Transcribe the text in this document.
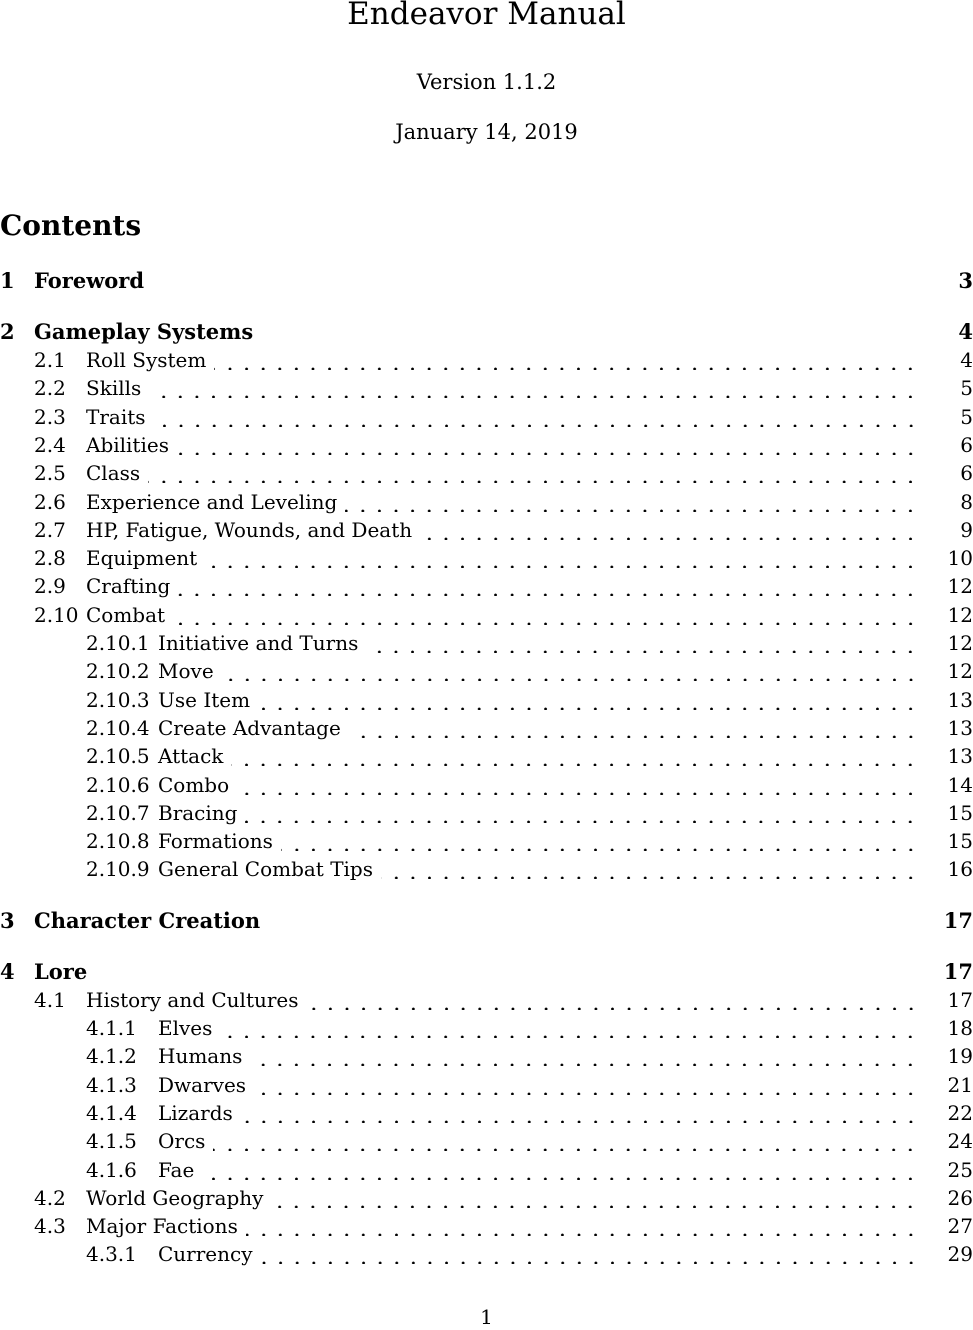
Endeavor Manual

Version 1.1.2

January 14, 2019

Contents
1 Foreword	3
2 Gameplay Systems	4
2.1	Roll System	4
2.2	Skills	5
2.3	Traits	5
2.4	Abilities	6
2.5	Class	6
2.6	Experience and Leveling	8
2.7	HP, Fatigue, Wounds, and Death	9
2.8	Equipment	10
2.9	Crafting	12
2.10 Combat	12
2.10.1 Initiative and Turns	12
2.10.2 Move	12
2.10.3 Use Item	13
2.10.4 Create Advantage	13
2.10.5 Attack	13
2.10.6 Combo	14
2.10.7 Bracing	15
2.10.8 Formations	15
2.10.9 General Combat Tips	16
3 Character Creation	17
4 Lore	17
4.1	History and Cultures	17
4.1.1	Elves	18
4.1.2	Humans	19
4.1.3	Dwarves	21
4.1.4	Lizards	22
4.1.5	Orcs	24
4.1.6	Fae	25
4.2	World Geography	26
4.3	Major Factions	27
4.3.1	Currency	29
1
